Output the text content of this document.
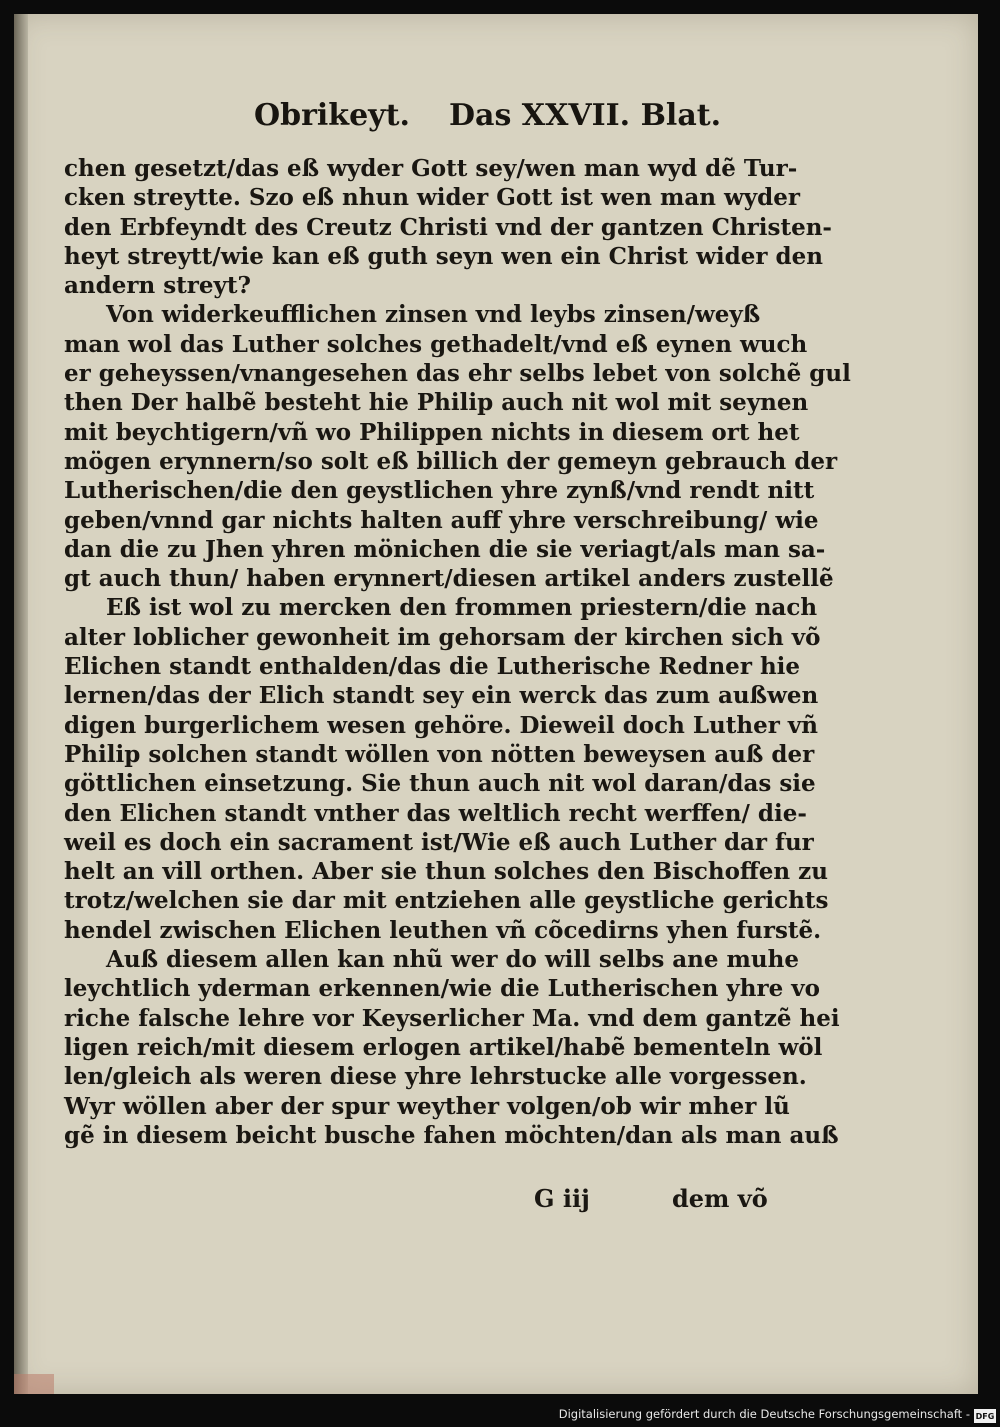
Obrikeyt. Das XXVII. Blat.
chen gesetzt/das eß wyder Gott sey/wen man wyd dẽ Tur-
cken streytte. Szo eß nhun wider Gott ist wen man wyder
den Erbfeyndt des Creutz Christi vnd der gantzen Christen-
heyt streytt/wie kan eß guth seyn wen ein Christ wider den
andern streyt?
Von widerkeufflichen zinsen vnd leybs zinsen/weyß
man wol das Luther solches gethadelt/vnd eß eynen wuch
er geheyssen/vnangesehen das ehr selbs lebet von solchẽ gul
then Der halbẽ besteht hie Philip auch nit wol mit seynen
mit beychtigern/vñ wo Philippen nichts in diesem ort het
mögen erynnern/so solt eß billich der gemeyn gebrauch der
Lutherischen/die den geystlichen yhre zynß/vnd rendt nitt
geben/vnnd gar nichts halten auff yhre verschreibung/ wie
dan die zu Jhen yhren mönichen die sie veriagt/als man sa-
gt auch thun/ haben erynnert/diesen artikel anders zustellẽ
Eß ist wol zu mercken den frommen priestern/die nach
alter loblicher gewonheit im gehorsam der kirchen sich võ
Elichen standt enthalden/das die Lutherische Redner hie
lernen/das der Elich standt sey ein werck das zum außwen
digen burgerlichem wesen gehöre. Dieweil doch Luther vñ
Philip solchen standt wöllen von nötten beweysen auß der
göttlichen einsetzung. Sie thun auch nit wol daran/das sie
den Elichen standt vnther das weltlich recht werffen/ die-
weil es doch ein sacrament ist/Wie eß auch Luther dar fur
helt an vill orthen. Aber sie thun solches den Bischoffen zu
trotz/welchen sie dar mit entziehen alle geystliche gerichts
hendel zwischen Elichen leuthen vñ cõcedirns yhen furstẽ.
Auß diesem allen kan nhũ wer do will selbs ane muhe
leychtlich yderman erkennen/wie die Lutherischen yhre vo
riche falsche lehre vor Keyserlicher Ma. vnd dem gantzẽ hei
ligen reich/mit diesem erlogen artikel/habẽ bementeln wöl
len/gleich als weren diese yhre lehrstucke alle vorgessen.
Wyr wöllen aber der spur weyther volgen/ob wir mher lũ
gẽ in diesem beicht busche fahen möchten/dan als man auß
G iij	dem võ
Digitalisierung gefördert durch die Deutsche Forschungsgemeinschaft - DFG
